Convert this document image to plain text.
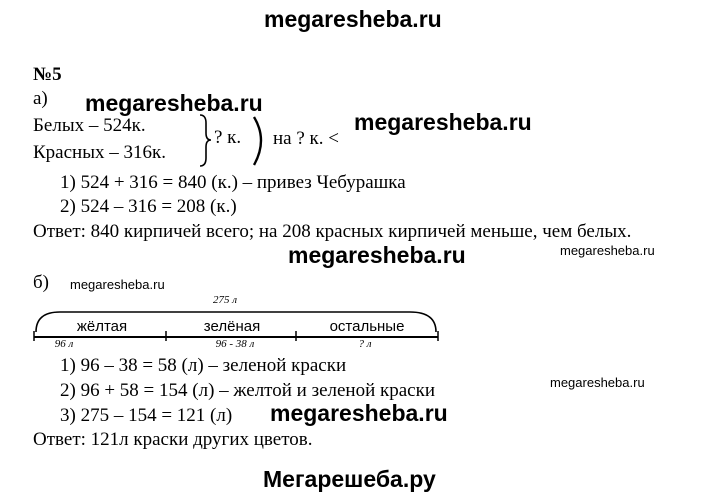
megaresheba.ru
№5
а) megaresheba.ru
Белых – 524к.
Красных – 316к.
? к. на ? к. <
megaresheba.ru
1) 524 + 316 = 840 (к.) – привез Чебурашка
2) 524 – 316 = 208 (к.)
Ответ: 840 кирпичей всего; на 208 красных кирпичей меньше, чем белых.
megaresheba.ru	megaresheba.ru
б) megaresheba.ru
275 л
жёлтая	зелёная	остальные
96 л	96 - 38 л	? л
1) 96 – 38 = 58 (л) – зеленой краски
2) 96 + 58 = 154 (л) – желтой и зеленой краски	megaresheba.ru
3) 275 – 154 = 121 (л) megaresheba.ru
Ответ: 121л краски других цветов.
Мегарешеба.ру
